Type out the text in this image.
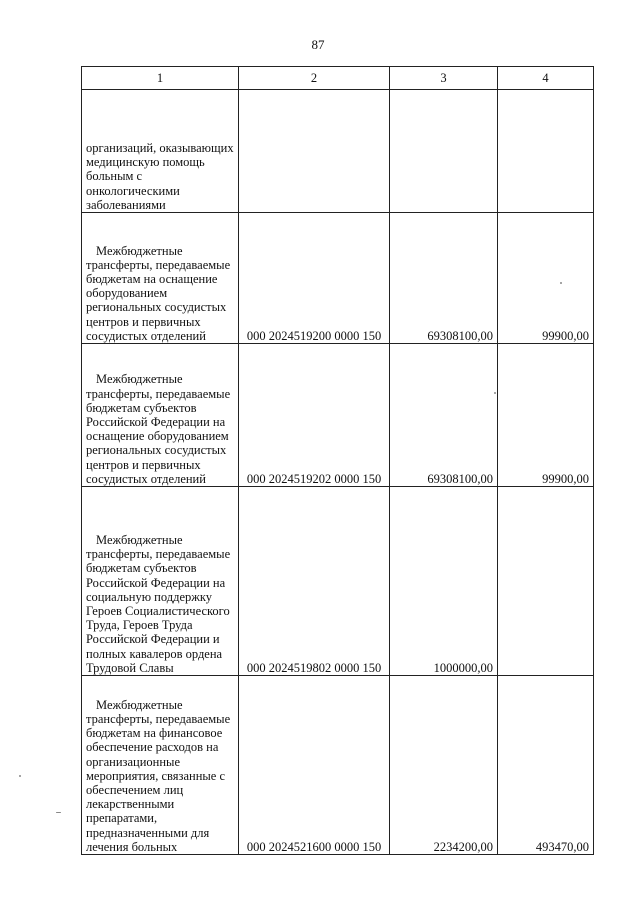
87
1	2	3	4
организаций, оказывающих медицинскую помощь больным с онкологическими заболеваниями			
Межбюджетные трансферты, передаваемые бюджетам на оснащение оборудованием региональных сосудистых центров и первичных сосудистых отделений	000 2024519200 0000 150	69308100,00	99900,00
Межбюджетные трансферты, передаваемые бюджетам субъектов Российской Федерации на оснащение оборудованием региональных сосудистых центров и первичных сосудистых отделений	000 2024519202 0000 150	69308100,00	99900,00
Межбюджетные трансферты, передаваемые бюджетам субъектов Российской Федерации на социальную поддержку Героев Социалистического Труда, Героев Труда Российской Федерации и полных кавалеров ордена Трудовой Славы	000 2024519802 0000 150	1000000,00	
Межбюджетные трансферты, передаваемые бюджетам на финансовое обеспечение расходов на организационные мероприятия, связанные с обеспечением лиц лекарственными препаратами, предназначенными для лечения больных	000 2024521600 0000 150	2234200,00	493470,00
